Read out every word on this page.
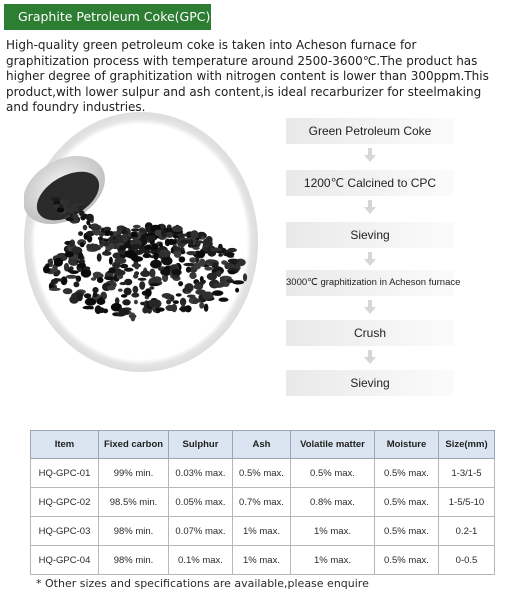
Graphite Petroleum Coke(GPC)

High-quality green petroleum coke is taken into Acheson furnace for graphitization process with temperature around 2500-3600℃.The product has higher degree of graphitization with nitrogen content is lower than 300ppm.This product,with lower sulpur and ash content,is ideal recarburizer for steelmaking and foundry industries.

Green Petroleum Coke
1200℃ Calcined to CPC
Sieving
3000℃ graphitization in Acheson furnace
Crush
Sieving
Item	Fixed carbon	Sulphur	Ash	Volatile matter	Moisture	Size(mm)
HQ-GPC-01	99% min.	0.03% max.	0.5% max.	0.5% max.	0.5% max.	1-3/1-5
HQ-GPC-02	98.5% min.	0.05% max.	0.7% max.	0.8% max.	0.5% max.	1-5/5-10
HQ-GPC-03	98% min.	0.07% max.	1% max.	1% max.	0.5% max.	0.2-1
HQ-GPC-04	98% min.	0.1% max.	1% max.	1% max.	0.5% max.	0-0.5
* Other sizes and specifications are available,please enquire
